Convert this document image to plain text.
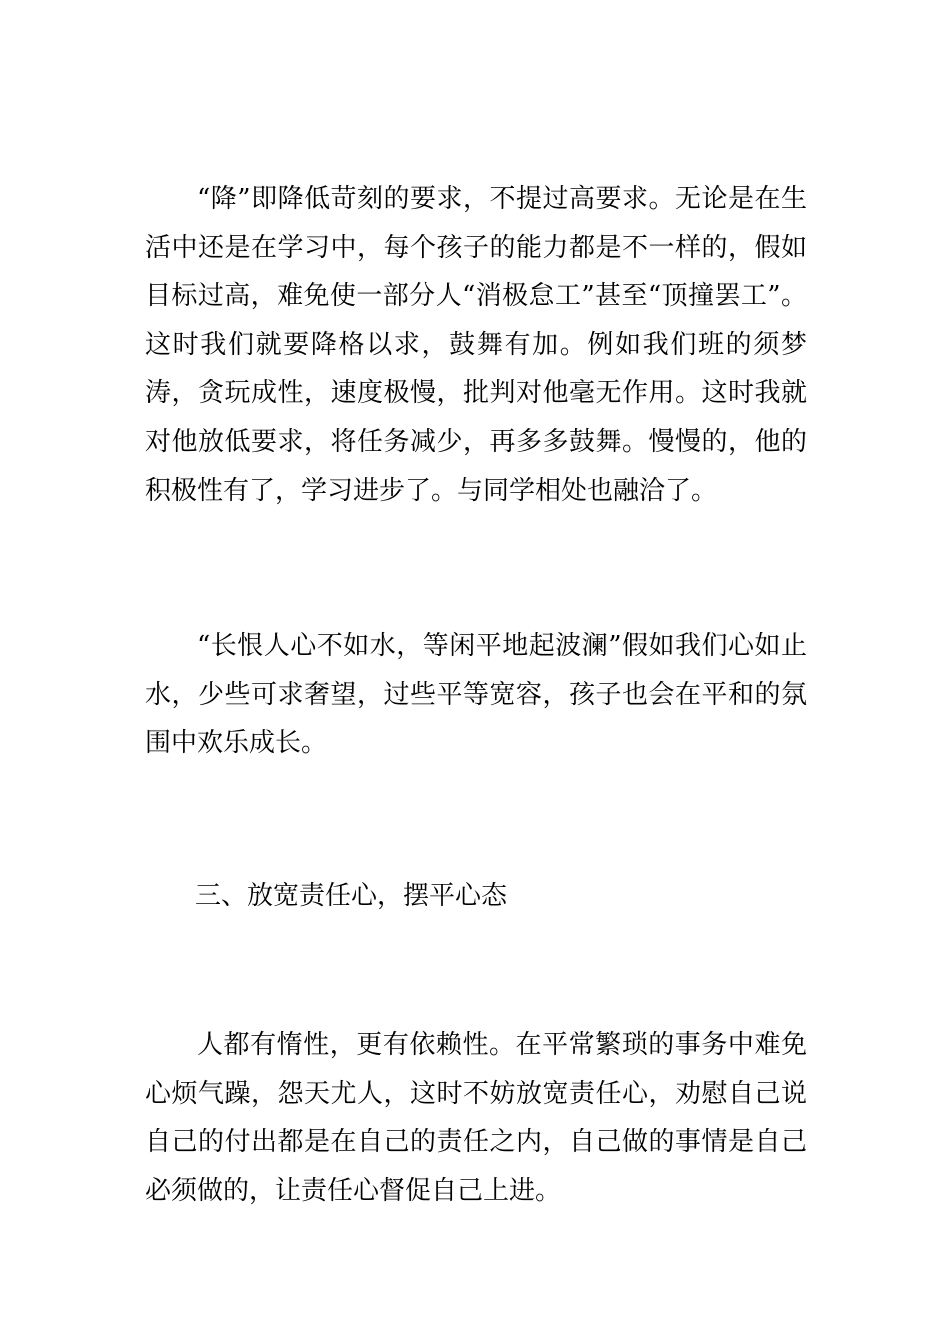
“降”即降低苛刻的要求，不提过高要求。无论是在生活中还是在学习中，每个孩子的能力都是不一样的，假如目标过高，难免使一部分人“消极怠工”甚至“顶撞罢工”。这时我们就要降格以求，鼓舞有加。例如我们班的须梦涛，贪玩成性，速度极慢，批判对他毫无作用。这时我就对他放低要求，将任务减少，再多多鼓舞。慢慢的，他的积极性有了，学习进步了。与同学相处也融洽了。

“长恨人心不如水，等闲平地起波澜”假如我们心如止水，少些可求奢望，过些平等宽容，孩子也会在平和的氛围中欢乐成长。

三、放宽责任心，摆平心态

人都有惰性，更有依赖性。在平常繁琐的事务中难免心烦气躁，怨天尤人，这时不妨放宽责任心，劝慰自己说自己的付出都是在自己的责任之内，自己做的事情是自己必须做的，让责任心督促自己上进。
